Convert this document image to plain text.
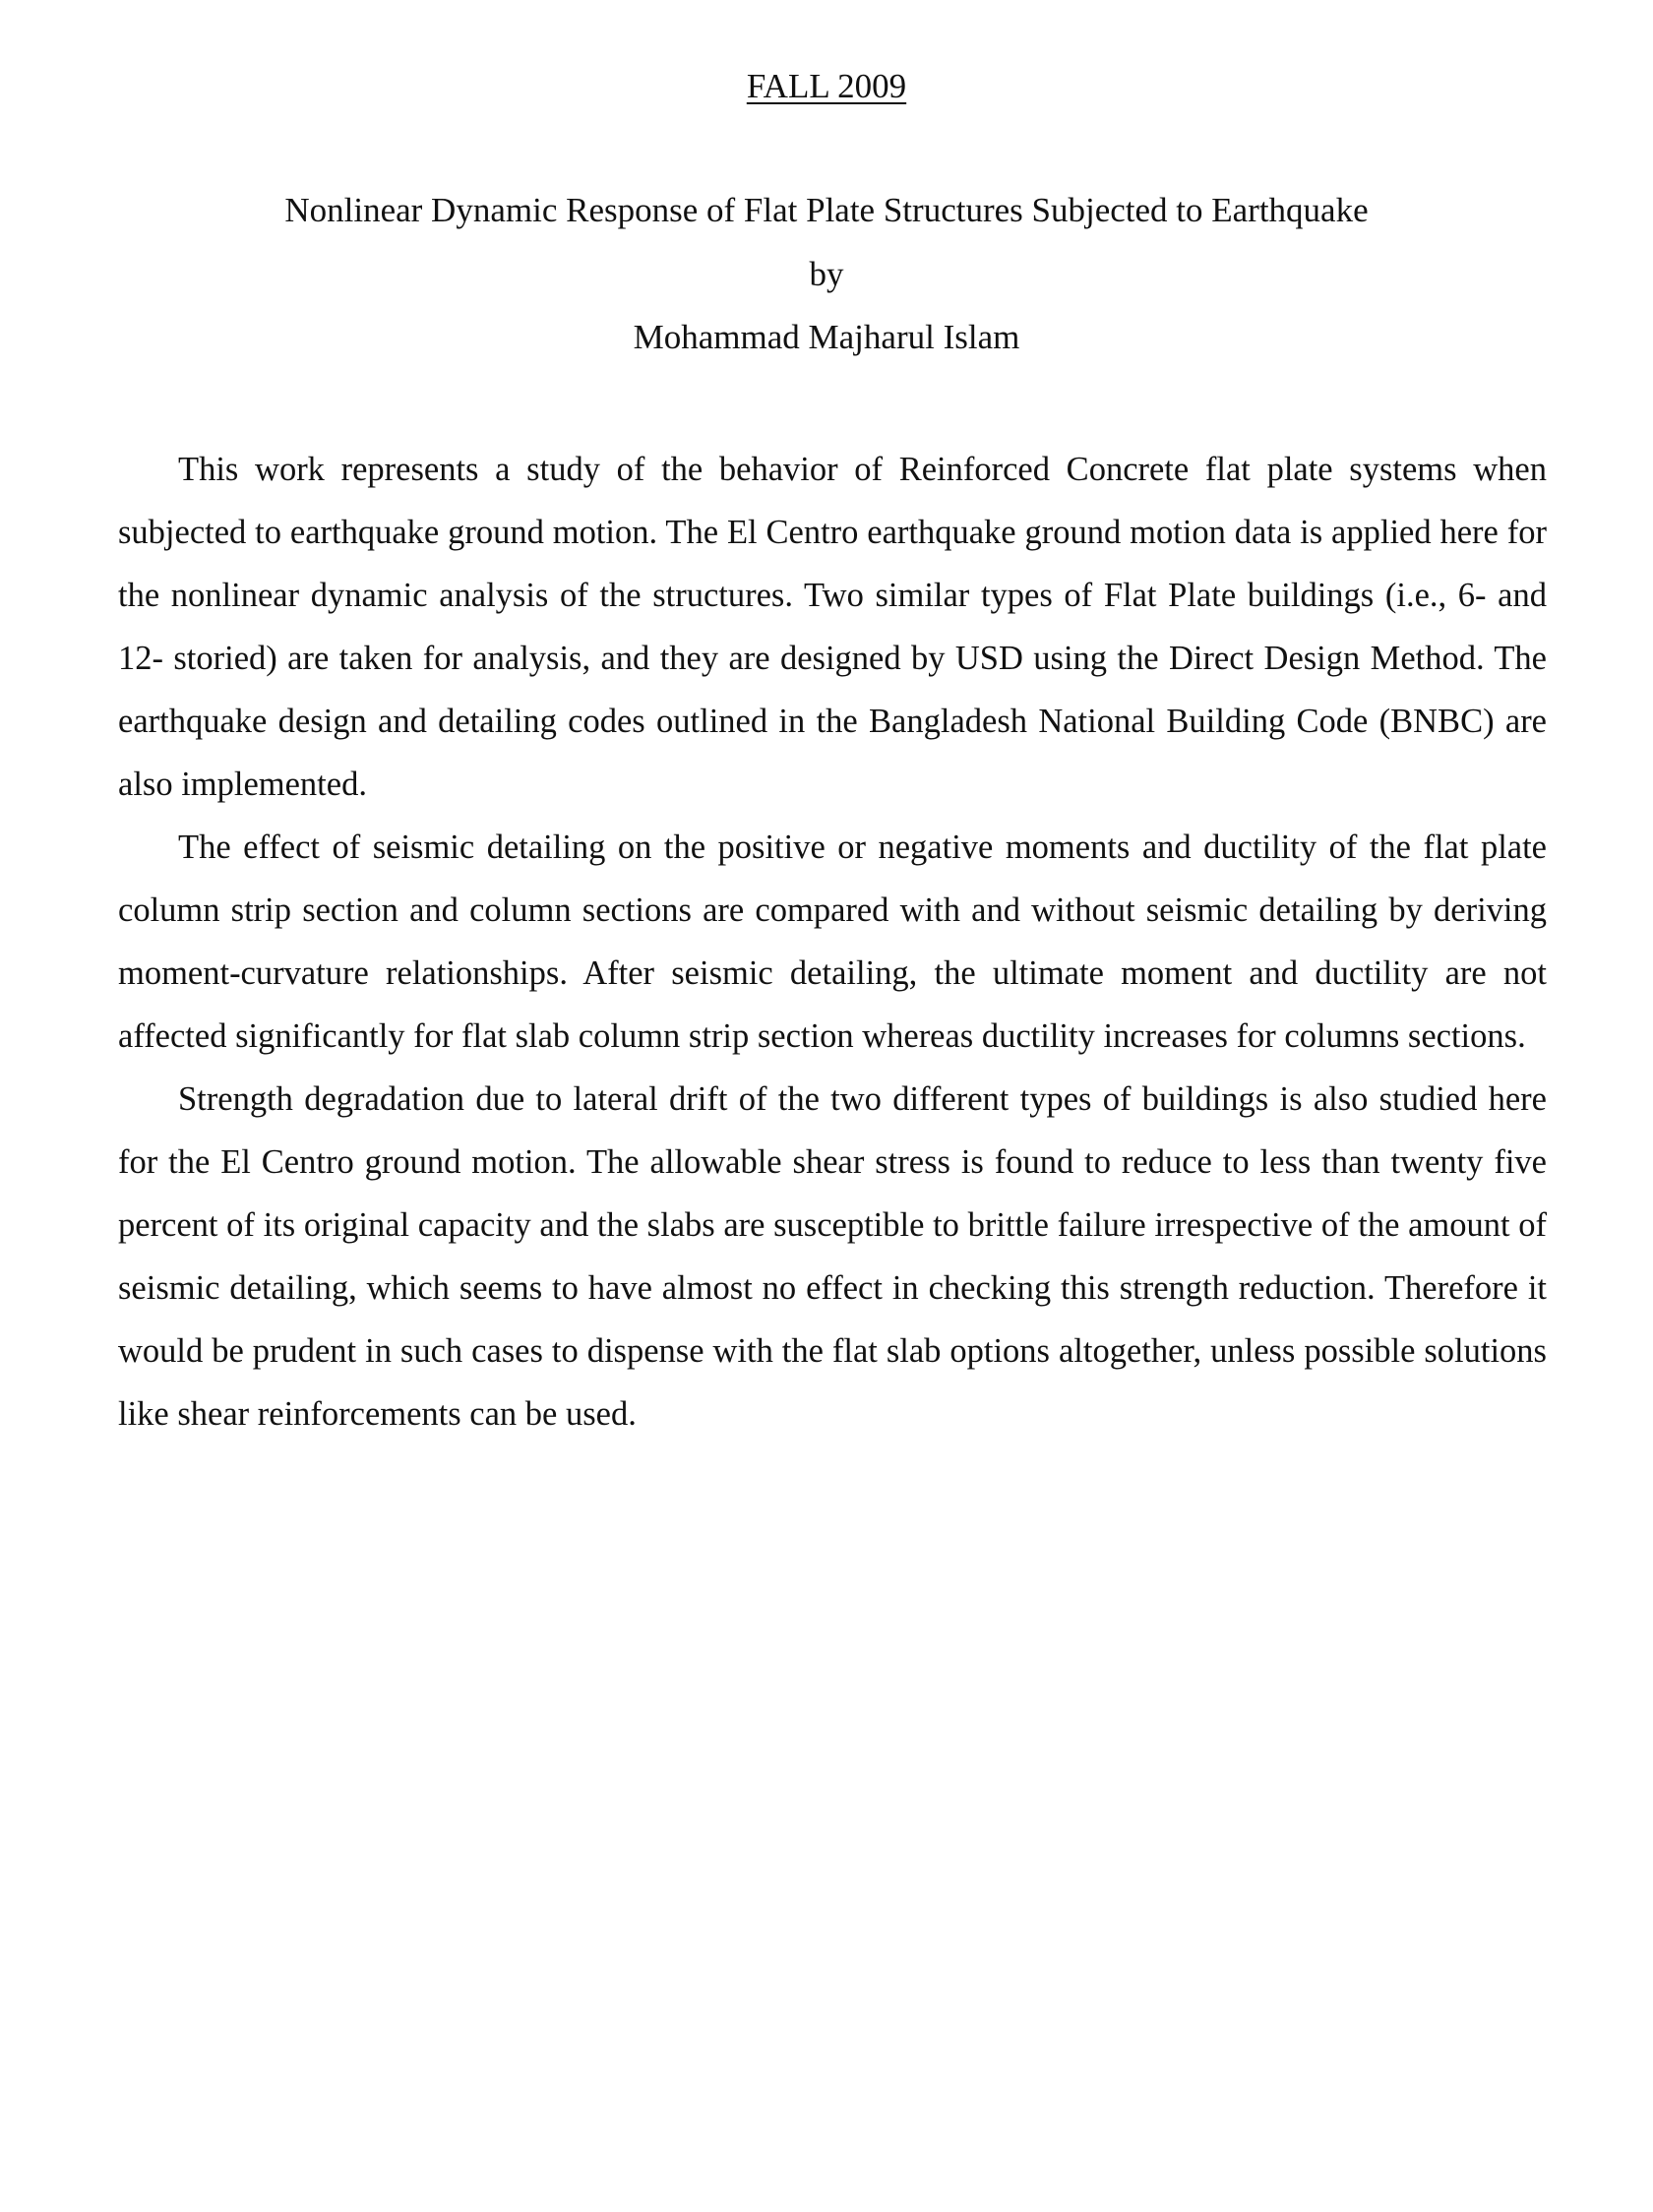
FALL 2009
Nonlinear Dynamic Response of Flat Plate Structures Subjected to Earthquake
by
Mohammad Majharul Islam

This work represents a study of the behavior of Reinforced Concrete flat plate systems when subjected to earthquake ground motion. The El Centro earthquake ground motion data is applied here for the nonlinear dynamic analysis of the structures. Two similar types of Flat Plate buildings (i.e., 6- and 12- storied) are taken for analysis, and they are designed by USD using the Direct Design Method. The earthquake design and detailing codes outlined in the Bangladesh National Building Code (BNBC) are also implemented.

The effect of seismic detailing on the positive or negative moments and ductility of the flat plate column strip section and column sections are compared with and without seismic detailing by deriving moment-curvature relationships. After seismic detailing, the ultimate moment and ductility are not affected significantly for flat slab column strip section whereas ductility increases for columns sections.

Strength degradation due to lateral drift of the two different types of buildings is also studied here for the El Centro ground motion. The allowable shear stress is found to reduce to less than twenty five percent of its original capacity and the slabs are susceptible to brittle failure irrespective of the amount of seismic detailing, which seems to have almost no effect in checking this strength reduction. Therefore it would be prudent in such cases to dispense with the flat slab options altogether, unless possible solutions like shear reinforcements can be used.
